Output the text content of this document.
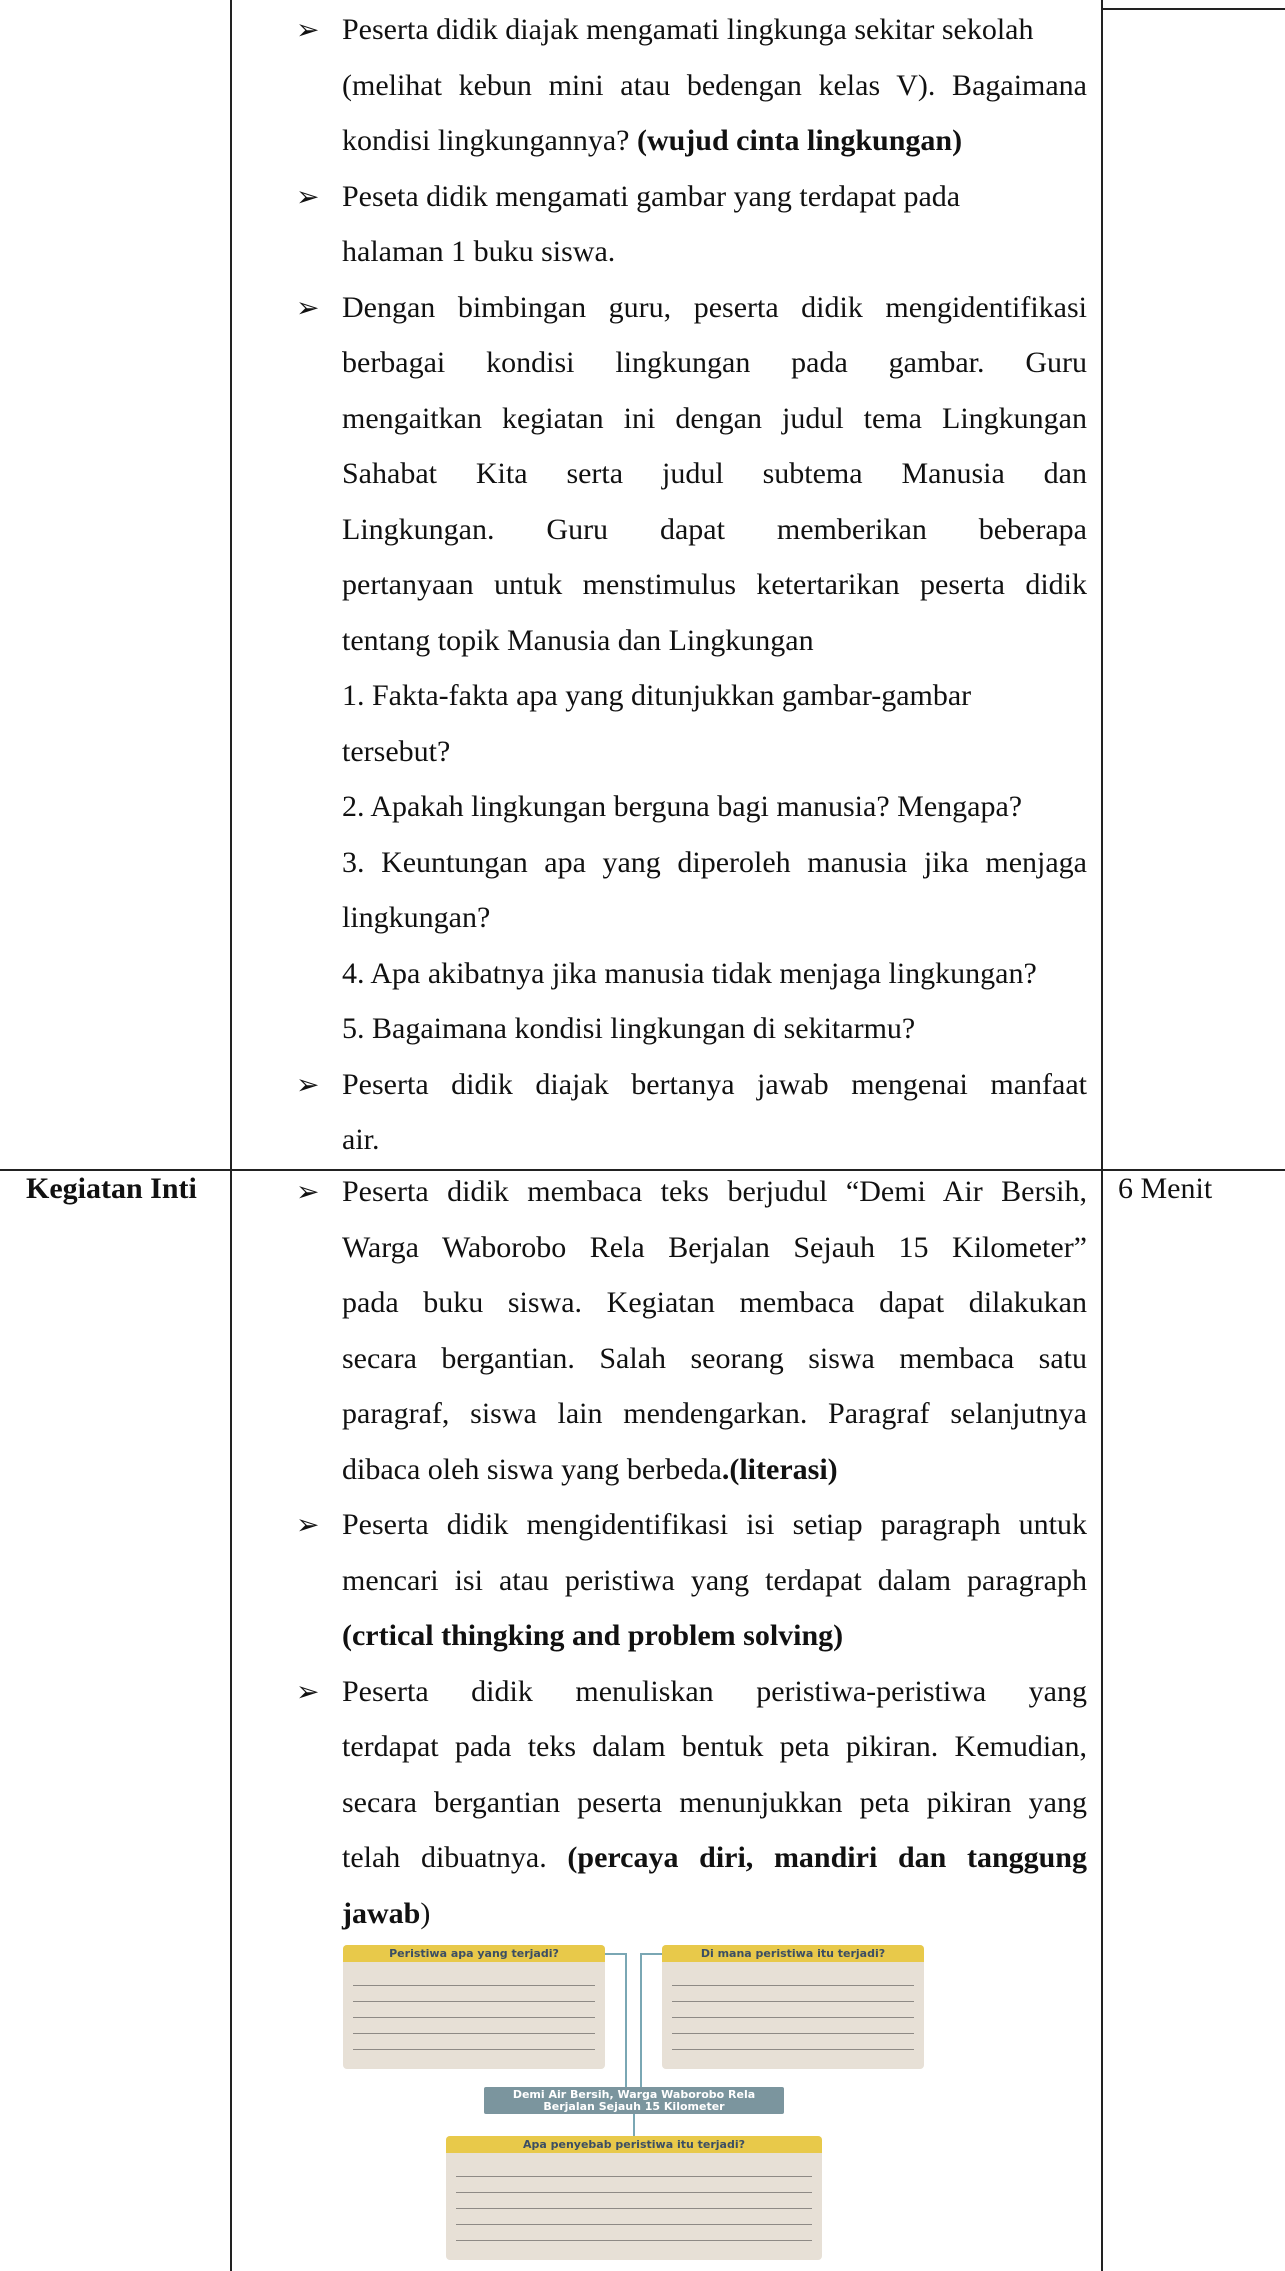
Kegiatan Inti	6 Menit
➢ Peserta didik diajak mengamati lingkunga sekitar sekolah
(melihat kebun mini atau bedengan kelas V). Bagaimana
kondisi lingkungannya? (wujud cinta lingkungan)
➢ Peseta didik mengamati gambar yang terdapat pada
halaman 1 buku siswa.
➢ Dengan bimbingan guru, peserta didik mengidentifikasi
berbagai kondisi lingkungan pada gambar. Guru
mengaitkan kegiatan ini dengan judul tema Lingkungan
Sahabat Kita serta judul subtema Manusia dan
Lingkungan. Guru dapat memberikan beberapa
pertanyaan untuk menstimulus ketertarikan peserta didik
tentang topik Manusia dan Lingkungan
1. Fakta-fakta apa yang ditunjukkan gambar-gambar
tersebut?
2. Apakah lingkungan berguna bagi manusia? Mengapa?
3. Keuntungan apa yang diperoleh manusia jika menjaga
lingkungan?
4. Apa akibatnya jika manusia tidak menjaga lingkungan?
5. Bagaimana kondisi lingkungan di sekitarmu?
➢ Peserta didik diajak bertanya jawab mengenai manfaat
air.
➢ Peserta didik membaca teks berjudul “Demi Air Bersih,
Warga Waborobo Rela Berjalan Sejauh 15 Kilometer”
pada buku siswa. Kegiatan membaca dapat dilakukan
secara bergantian. Salah seorang siswa membaca satu
paragraf, siswa lain mendengarkan. Paragraf selanjutnya
dibaca oleh siswa yang berbeda.(literasi)
➢ Peserta didik mengidentifikasi isi setiap paragraph untuk
mencari isi atau peristiwa yang terdapat dalam paragraph
(crtical thingking and problem solving)
➢ Peserta didik menuliskan peristiwa-peristiwa yang
terdapat pada teks dalam bentuk peta pikiran. Kemudian,
secara bergantian peserta menunjukkan peta pikiran yang
telah dibuatnya. (percaya diri, mandiri dan tanggung
jawab)
Peristiwa apa yang terjadi?	Di mana peristiwa itu terjadi?
Demi Air Bersih, Warga Waborobo Rela
Berjalan Sejauh 15 Kilometer
Apa penyebab peristiwa itu terjadi?
